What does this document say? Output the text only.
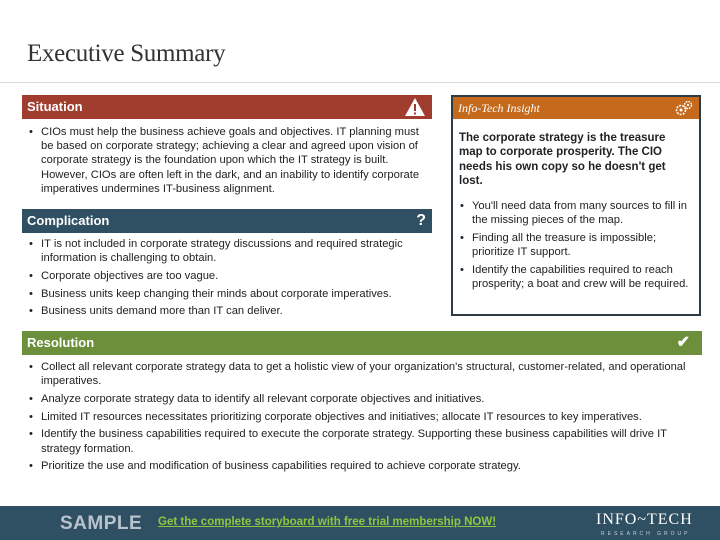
Executive Summary
Situation
• CIOs must help the business achieve goals and objectives. IT planning must be based on corporate strategy; achieving a clear and agreed upon vision of corporate strategy is the foundation upon which the IT strategy is built. However, CIOs are often left in the dark, and an inability to identify corporate imperatives undermines IT-business alignment.
Complication	?
• IT is not included in corporate strategy discussions and required strategic information is challenging to obtain.
• Corporate objectives are too vague.
• Business units keep changing their minds about corporate imperatives.
• Business units demand more than IT can deliver.
Info-Tech Insight
The corporate strategy is the treasure map to corporate prosperity. The CIO needs his own copy so he doesn't get lost.
• You'll need data from many sources to fill in the missing pieces of the map.
• Finding all the treasure is impossible; prioritize IT support.
• Identify the capabilities required to reach prosperity; a boat and crew will be required.
Resolution	✔
• Collect all relevant corporate strategy data to get a holistic view of your organization's structural, customer-related, and operational imperatives.
• Analyze corporate strategy data to identify all relevant corporate objectives and initiatives.
• Limited IT resources necessitates prioritizing corporate objectives and initiatives; allocate IT resources to key imperatives.
• Identify the business capabilities required to execute the corporate strategy. Supporting these business capabilities will drive IT strategy formation.
• Prioritize the use and modification of business capabilities required to achieve corporate strategy.
SAMPLE Get the complete storyboard with free trial membership NOW!	INFO~TECH
RESEARCH GROUP
